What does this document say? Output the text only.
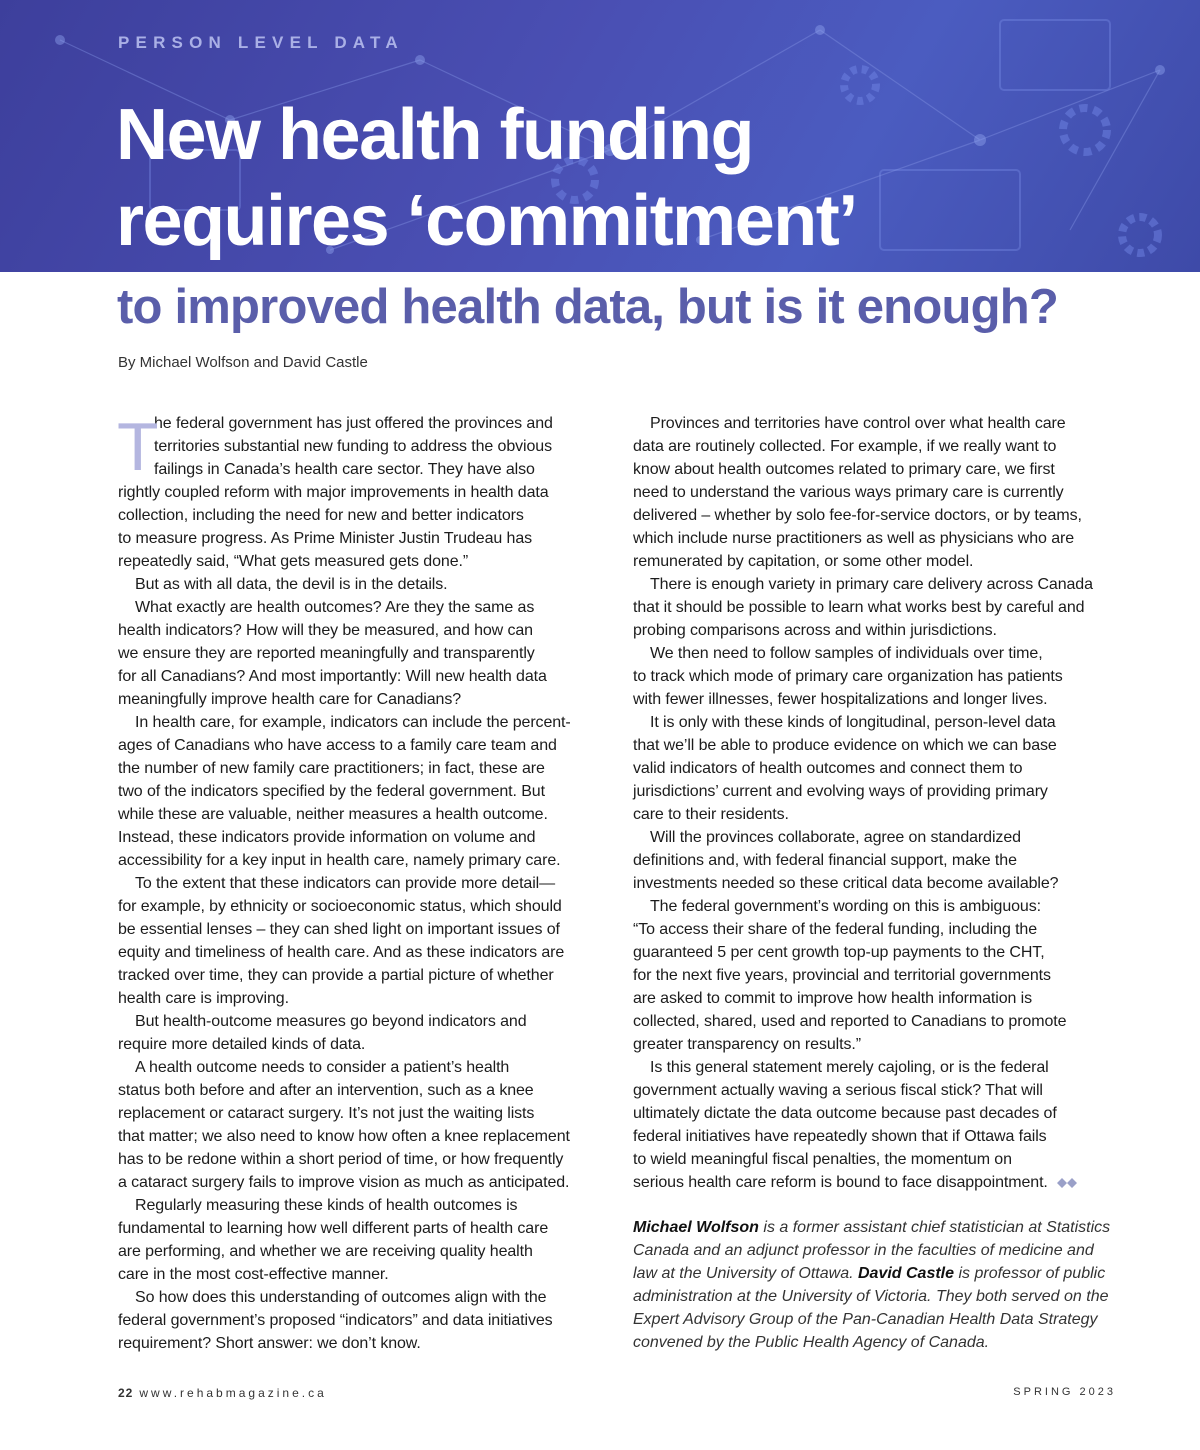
PERSON LEVEL DATA
New health funding
requires ‘commitment’
to improved health data, but is it enough?
By Michael Wolfson and David Castle
T
he federal government has just offered the provinces and
territories substantial new funding to address the obvious
failings in Canada’s health care sector. They have also
rightly coupled reform with major improvements in health data
collection, including the need for new and better indicators
to measure progress. As Prime Minister Justin Trudeau has
repeatedly said, “What gets measured gets done.”
But as with all data, the devil is in the details.
What exactly are health outcomes? Are they the same as
health indicators? How will they be measured, and how can
we ensure they are reported meaningfully and transparently
for all Canadians? And most importantly: Will new health data
meaningfully improve health care for Canadians?
In health care, for example, indicators can include the percent-
ages of Canadians who have access to a family care team and
the number of new family care practitioners; in fact, these are
two of the indicators specified by the federal government. But
while these are valuable, neither measures a health outcome.
Instead, these indicators provide information on volume and
accessibility for a key input in health care, namely primary care.
To the extent that these indicators can provide more detail—
for example, by ethnicity or socioeconomic status, which should
be essential lenses – they can shed light on important issues of
equity and timeliness of health care. And as these indicators are
tracked over time, they can provide a partial picture of whether
health care is improving.
But health-outcome measures go beyond indicators and
require more detailed kinds of data.
A health outcome needs to consider a patient’s health
status both before and after an intervention, such as a knee
replacement or cataract surgery. It’s not just the waiting lists
that matter; we also need to know how often a knee replacement
has to be redone within a short period of time, or how frequently
a cataract surgery fails to improve vision as much as anticipated.
Regularly measuring these kinds of health outcomes is
fundamental to learning how well different parts of health care
are performing, and whether we are receiving quality health
care in the most cost-effective manner.
So how does this understanding of outcomes align with the
federal government’s proposed “indicators” and data initiatives
requirement? Short answer: we don’t know.
Provinces and territories have control over what health care
data are routinely collected. For example, if we really want to
know about health outcomes related to primary care, we first
need to understand the various ways primary care is currently
delivered – whether by solo fee-for-service doctors, or by teams,
which include nurse practitioners as well as physicians who are
remunerated by capitation, or some other model.
There is enough variety in primary care delivery across Canada
that it should be possible to learn what works best by careful and
probing comparisons across and within jurisdictions.
We then need to follow samples of individuals over time,
to track which mode of primary care organization has patients
with fewer illnesses, fewer hospitalizations and longer lives.
It is only with these kinds of longitudinal, person-level data
that we’ll be able to produce evidence on which we can base
valid indicators of health outcomes and connect them to
jurisdictions’ current and evolving ways of providing primary
care to their residents.
Will the provinces collaborate, agree on standardized
definitions and, with federal financial support, make the
investments needed so these critical data become available?
The federal government’s wording on this is ambiguous:
“To access their share of the federal funding, including the
guaranteed 5 per cent growth top-up payments to the CHT,
for the next five years, provincial and territorial governments
are asked to commit to improve how health information is
collected, shared, used and reported to Canadians to promote
greater transparency on results.”
Is this general statement merely cajoling, or is the federal
government actually waving a serious fiscal stick? That will
ultimately dictate the data outcome because past decades of
federal initiatives have repeatedly shown that if Ottawa fails
to wield meaningful fiscal penalties, the momentum on
serious health care reform is bound to face disappointment.
Michael Wolfson is a former assistant chief statistician at Statistics
Canada and an adjunct professor in the faculties of medicine and
law at the University of Ottawa. David Castle is professor of public
administration at the University of Victoria. They both served on the
Expert Advisory Group of the Pan-Canadian Health Data Strategy
convened by the Public Health Agency of Canada.
22 www.rehabmagazine.ca	SPRING 2023
